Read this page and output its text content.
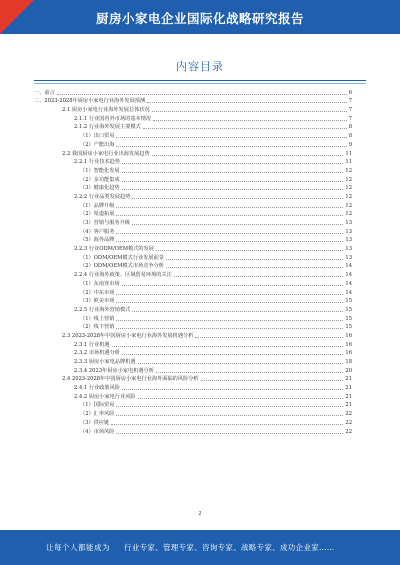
厨房小家电企业国际化战略研究报告
内容目录
一、前言	6
二、2023-2028年厨房小家电行业海外发展预测	7
2.1 厨房小家电行业海外发展总体状况	7
2.1.1 行业国内外市场的基本情况	7
2.1.2 行业海外发展主要模式	8
（1）出口贸易	8
（2）产能出海	9
2.2 我国厨房小家电行业出海发展趋势	11
2.2.1 行业技术趋势	11
（1）智能化发展	12
（2）多功能集成	12
（3）健康化趋势	12
2.2.2 行业品类发展趋势	12
（1）品牌升级	12
（2）渠道拓展	12
（3）营销与服务升级	13
（4）客户服务	13
（5）海外品牌	13
2.2.3 行业ODM/OEM模式的发展	13
（1）ODM/OEM模式行业发展前景	13
（2）ODM/OEM模式市场竞争分析	14
2.2.4 行业海外政策、区域贸易环境的关注	14
（1）东南亚市场	14
（2）中东市场	14
（3）欧美市场	15
2.2.5 行业海外营销模式	15
（1）线上营销	15
（2）线下营销	15
2.3 2023-2028年中国厨房小家电行业海外发展机遇分析	16
2.3.1 行业机遇	16
2.3.2 市场机遇分析	16
2.3.3 厨房小家电品牌机遇	18
2.3.4 2023年厨房小家电机遇分析	20
2.4 2023-2028年中国厨房小家电行业海外面临的风险分析	21
2.4.1 行业政策风险	21
2.4.2 厨房小家电行业风险	21
（1）国际贸易	21
（2）汇率风险	22
（3）供应链	22
（4）市场风险	22
2
让每个人都能成为 行业专家、管理专家、咨询专家、战略专家、成功企业家……
